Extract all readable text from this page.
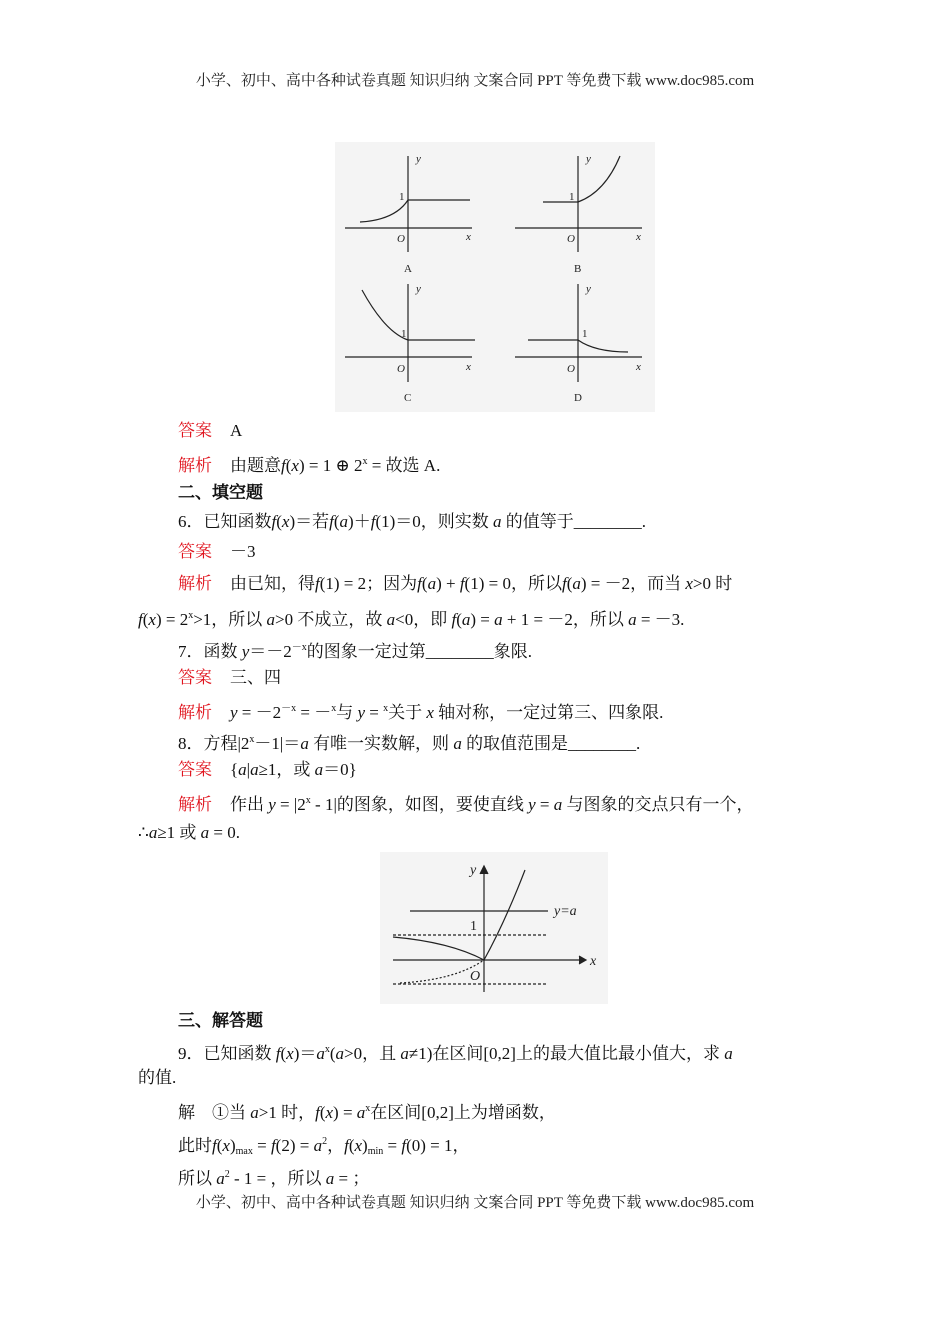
小学、初中、高中各种试卷真题 知识归纳 文案合同 PPT 等免费下载 www.doc985.com
y
x
O
1
A
y
x
O
1
B
y
x
O
1
C
y
x
O
1
D
y
x
O
y=a
1
答案 A
解析 由题意f(x) = 1 ⊕ $2^x$ = 故选 A.
二、填空题
6．已知函数f(x)＝若f(a)＋f(1)＝0，则实数 a 的值等于________.
答案 －3
解析 由已知，得f(1) = 2；因为f(a) + f(1) = 0，所以f(a) = －2，而当 x>0 时
$f(x) = 2^x>1$，所以 a>0 不成立，故 a<0，即 f(a) = a + 1 = －2，所以 a = －3.
7．函数 $y=-2^{-x}$的图象一定过第________象限.
答案 三、四
解析 $y = -2^{-x} = -^x$与 y = $^x$关于 x 轴对称，一定过第三、四象限.
8．方程$|2^x-1|=a$ 有唯一实数解，则 a 的取值范围是________.
答案 {a|a≥1，或 a＝0}
解析 作出 $y = |2^x - 1|$的图象，如图，要使直线 y = a 与图象的交点只有一个，
∴a≥1 或 a = 0.
三、解答题
9．已知函数 $f(x)=a^x(a>0$，且 a≠1)在区间[0,2]上的最大值比最小值大，求 a
的值.
解　①当 a>1 时，$f(x) = a^x$在区间[0,2]上为增函数，
此时$f(x)_{max} = f(2) = a^2$，$f(x)_{min} = f(0) = 1$，
所以 $a^2 - 1$ = ，所以 a = ；
小学、初中、高中各种试卷真题 知识归纳 文案合同 PPT 等免费下载 www.doc985.com
